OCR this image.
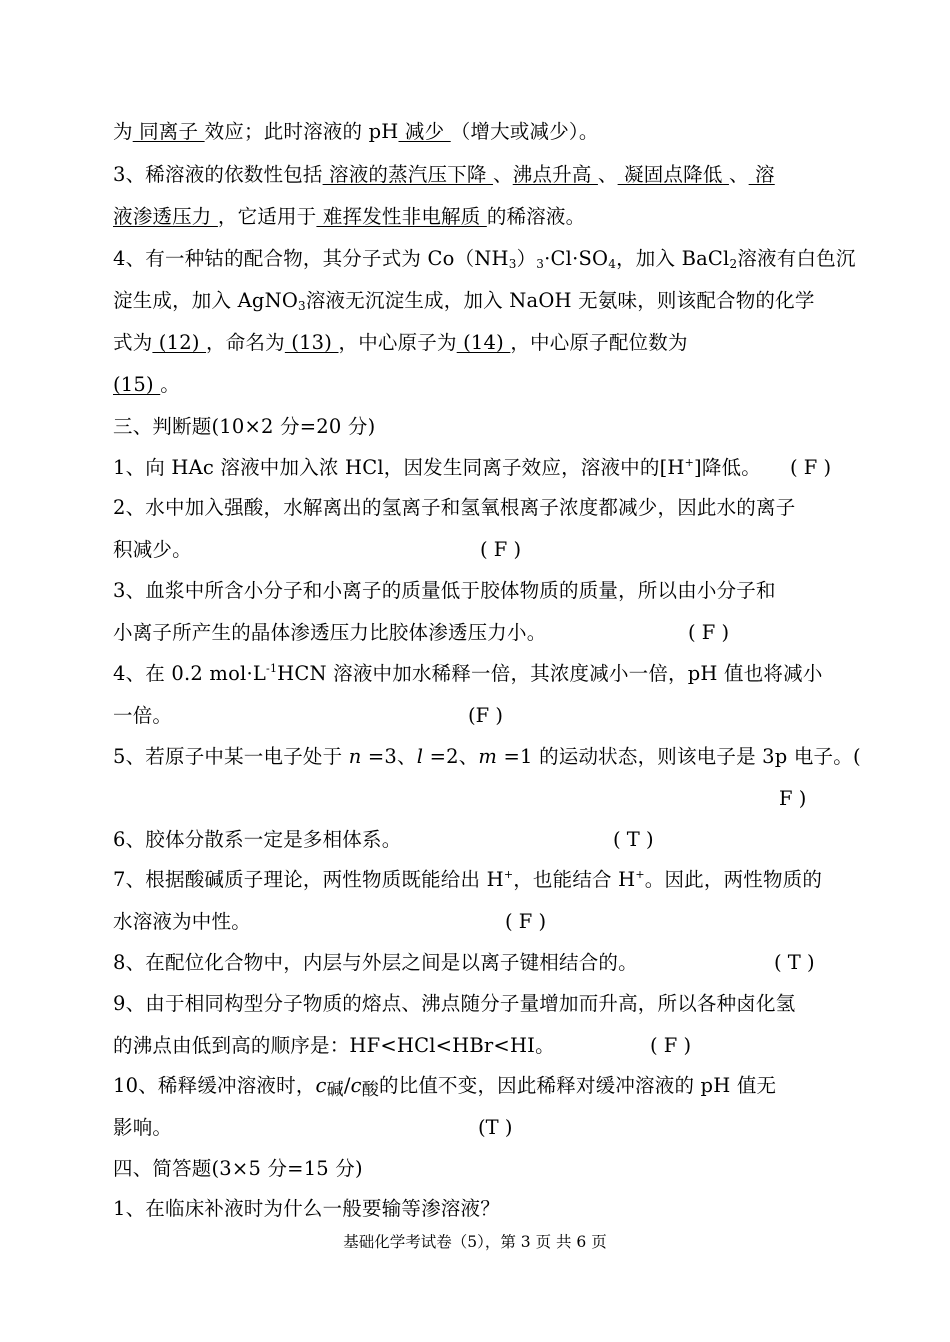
为 同离子 效应；此时溶液的 pH 减少 （增大或减少）。
3、稀溶液的依数性包括 溶液的蒸汽压下降 、沸点升高 、 凝固点降低 、 溶
液渗透压力 ，它适用于 难挥发性非电解质 的稀溶液。
4、有一种钴的配合物，其分子式为 $Co(NH_3)_3\cdot Cl\cdot SO_4$，加入 BaCl$_2$溶液有白色沉
淀生成，加入 AgNO$_3$溶液无沉淀生成，加入 NaOH 无氨味，则该配合物的化学
式为 (12) ，命名为 (13) ，中心原子为 (14) ，中心原子配位数为
(15) 。
三、判断题(10×2 分=20 分)
1、向 HAc 溶液中加入浓 HCl，因发生同离子效应，溶液中的[H+]降低。 ( F )
2、水中加入强酸，水解离出的氢离子和氢氧根离子浓度都减少，因此水的离子
积减少。	( F )
3、血浆中所含小分子和小离子的质量低于胶体物质的质量，所以由小分子和
小离子所产生的晶体渗透压力比胶体渗透压力小。	( F )
4、在 0.2 $mol\cdot L^{-1}HCN$ 溶液中加水稀释一倍，其浓度减小一倍，pH 值也将减小
一倍。	(F )
5、若原子中某一电子处于 n =3、l =2、m =1 的运动状态，则该电子是 3p 电子。(
F )
6、胶体分散系一定是多相体系。	( T )
7、根据酸碱质子理论，两性物质既能给出 H+，也能结合 H+。因此，两性物质的
水溶液为中性。	( F )
8、在配位化合物中，内层与外层之间是以离子键相结合的。	( T )
9、由于相同构型分子物质的熔点、沸点随分子量增加而升高，所以各种卤化氢
的沸点由低到高的顺序是：HF<HCl<HBr<HI。	( F )
10、稀释缓冲溶液时，$c_碱/c_酸$的比值不变，因此稀释对缓冲溶液的 pH 值无
影响。	(T )
四、简答题(3×5 分=15 分)
1、在临床补液时为什么一般要输等渗溶液？
基础化学考试卷（5），第 3 页 共 6 页
